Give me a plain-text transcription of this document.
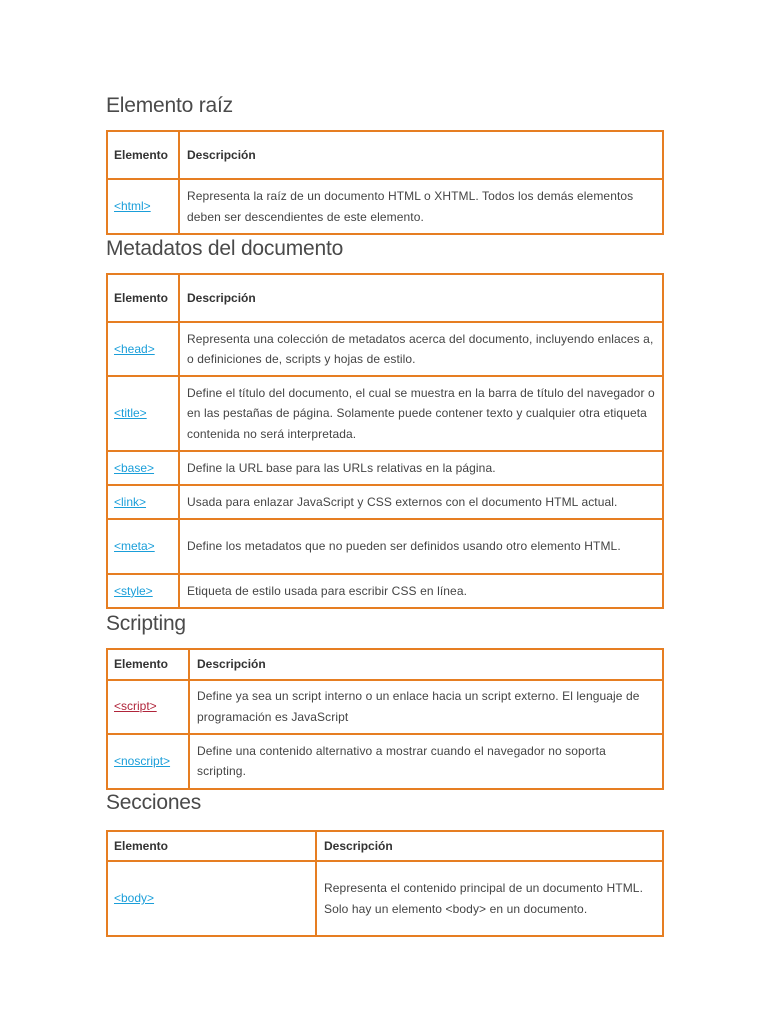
Elemento raíz
Elemento	Descripción
<html>	Representa la raíz de un documento HTML o XHTML. Todos los demás elementos deben ser descendientes de este elemento.
Metadatos del documento
Elemento	Descripción
<head>	Representa una colección de metadatos acerca del documento, incluyendo enlaces a, o definiciones de, scripts y hojas de estilo.
<title>	Define el título del documento, el cual se muestra en la barra de título del navegador o en las pestañas de página. Solamente puede contener texto y cualquier otra etiqueta contenida no será interpretada.
<base>	Define la URL base para las URLs relativas en la página.
<link>	Usada para enlazar JavaScript y CSS externos con el documento HTML actual.
<meta>	Define los metadatos que no pueden ser definidos usando otro elemento HTML.
<style>	Etiqueta de estilo usada para escribir CSS en línea.
Scripting
Elemento	Descripción
<script>	Define ya sea un script interno o un enlace hacia un script externo. El lenguaje de programación es JavaScript
<noscript>	Define una contenido alternativo a mostrar cuando el navegador no soporta scripting.
Secciones
Elemento	Descripción
<body>	Representa el contenido principal de un documento HTML. Solo hay un elemento <body> en un documento.
